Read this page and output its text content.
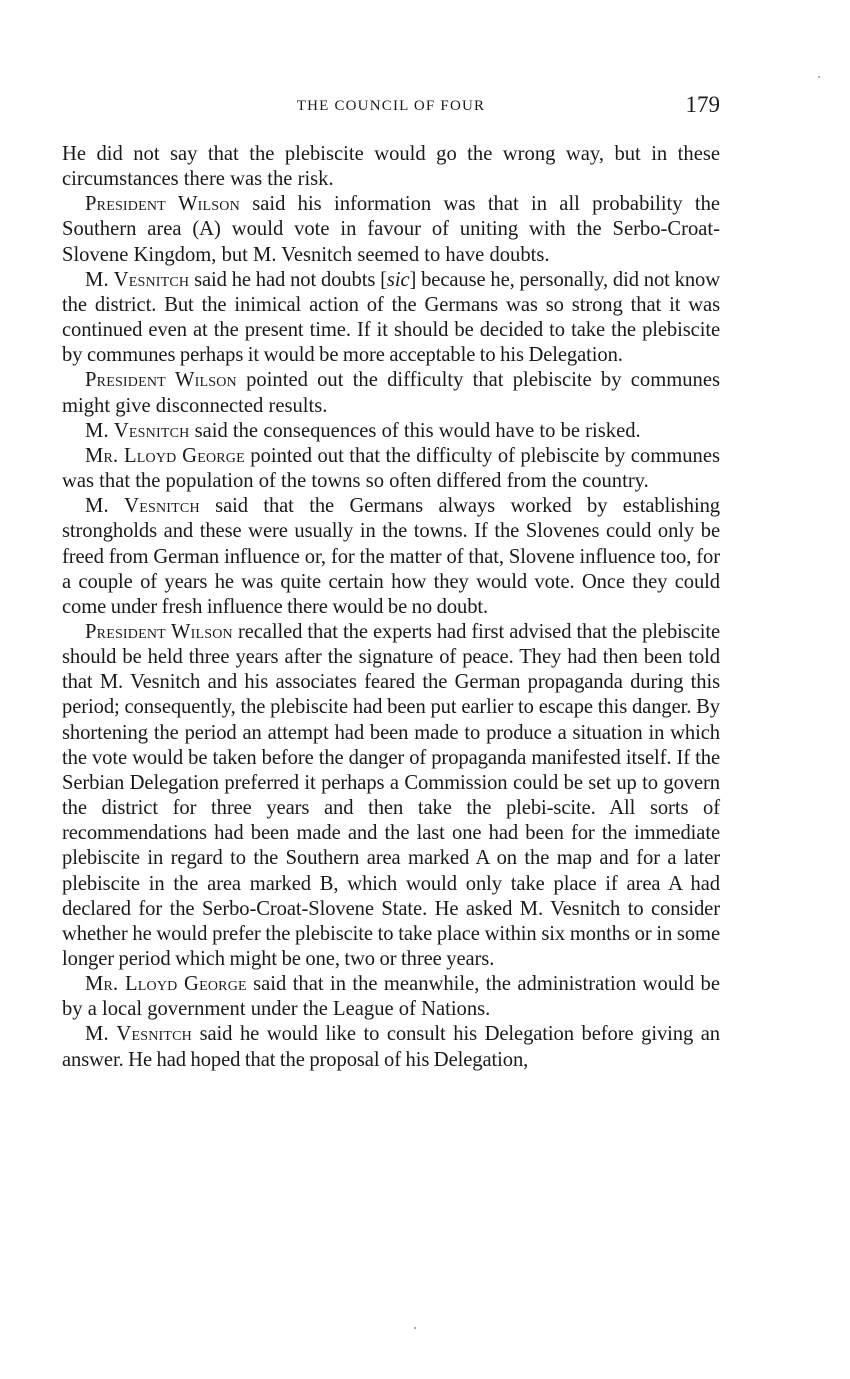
THE COUNCIL OF FOUR	179

He did not say that the plebiscite would go the wrong way, but in these circumstances there was the risk.

President Wilson said his information was that in all probability the Southern area (A) would vote in favour of uniting with the Serbo-Croat-Slovene Kingdom, but M. Vesnitch seemed to have doubts.

M. Vesnitch said he had not doubts [sic] because he, personally, did not know the district. But the inimical action of the Germans was so strong that it was continued even at the present time. If it should be decided to take the plebiscite by communes perhaps it would be more acceptable to his Delegation.

President Wilson pointed out the difficulty that plebiscite by communes might give disconnected results.

M. Vesnitch said the consequences of this would have to be risked.

Mr. Lloyd George pointed out that the difficulty of plebiscite by communes was that the population of the towns so often differed from the country.

M. Vesnitch said that the Germans always worked by establishing strongholds and these were usually in the towns. If the Slovenes could only be freed from German influence or, for the matter of that, Slovene influence too, for a couple of years he was quite certain how they would vote. Once they could come under fresh influence there would be no doubt.

President Wilson recalled that the experts had first advised that the plebiscite should be held three years after the signature of peace. They had then been told that M. Vesnitch and his associates feared the German propaganda during this period; consequently, the plebiscite had been put earlier to escape this danger. By shortening the period an attempt had been made to produce a situation in which the vote would be taken before the danger of propaganda manifested itself. If the Serbian Delegation preferred it perhaps a Commission could be set up to govern the district for three years and then take the plebi-scite. All sorts of recommendations had been made and the last one had been for the immediate plebiscite in regard to the Southern area marked A on the map and for a later plebiscite in the area marked B, which would only take place if area A had declared for the Serbo-Croat-Slovene State. He asked M. Vesnitch to consider whether he would prefer the plebiscite to take place within six months or in some longer period which might be one, two or three years.

Mr. Lloyd George said that in the meanwhile, the administration would be by a local government under the League of Nations.

M. Vesnitch said he would like to consult his Delegation before giving an answer. He had hoped that the proposal of his Delegation,
